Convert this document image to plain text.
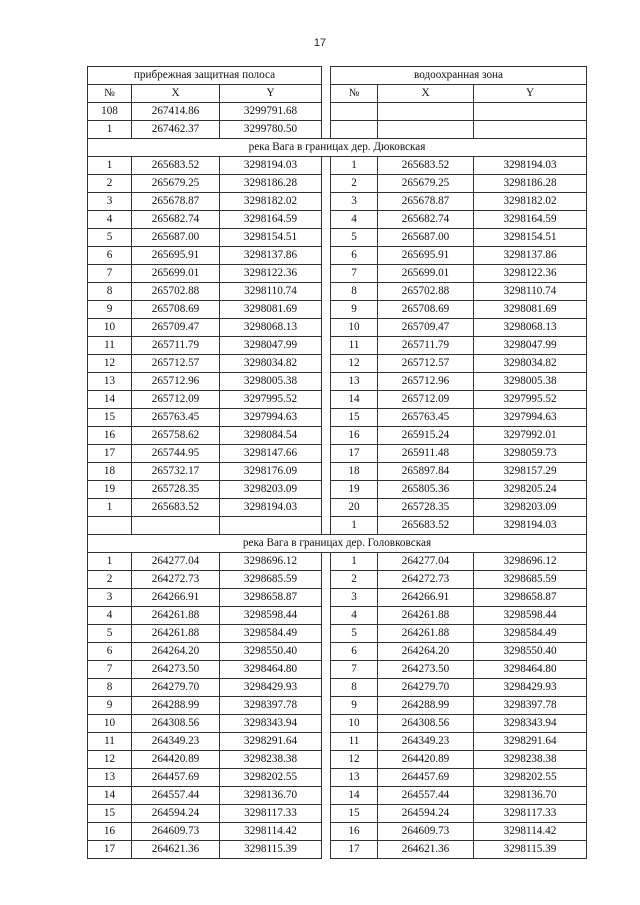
17
прибрежная защитная полоса				водоохранная зона		
№	X	Y		№	X	Y
108	267414.86	3299791.68				
1	267462.37	3299780.50				
река Вага в границах дер. Дюковская						
1	265683.52	3298194.03		1	265683.52	3298194.03
2	265679.25	3298186.28		2	265679.25	3298186.28
3	265678.87	3298182.02		3	265678.87	3298182.02
4	265682.74	3298164.59		4	265682.74	3298164.59
5	265687.00	3298154.51		5	265687.00	3298154.51
6	265695.91	3298137.86		6	265695.91	3298137.86
7	265699.01	3298122.36		7	265699.01	3298122.36
8	265702.88	3298110.74		8	265702.88	3298110.74
9	265708.69	3298081.69		9	265708.69	3298081.69
10	265709.47	3298068.13		10	265709.47	3298068.13
11	265711.79	3298047.99		11	265711.79	3298047.99
12	265712.57	3298034.82		12	265712.57	3298034.82
13	265712.96	3298005.38		13	265712.96	3298005.38
14	265712.09	3297995.52		14	265712.09	3297995.52
15	265763.45	3297994.63		15	265763.45	3297994.63
16	265758.62	3298084.54		16	265915.24	3297992.01
17	265744.95	3298147.66		17	265911.48	3298059.73
18	265732.17	3298176.09		18	265897.84	3298157.29
19	265728.35	3298203.09		19	265805.36	3298205.24
1	265683.52	3298194.03		20	265728.35	3298203.09
				1	265683.52	3298194.03
река Вага в границах дер. Головковская						
1	264277.04	3298696.12		1	264277.04	3298696.12
2	264272.73	3298685.59		2	264272.73	3298685.59
3	264266.91	3298658.87		3	264266.91	3298658.87
4	264261.88	3298598.44		4	264261.88	3298598.44
5	264261.88	3298584.49		5	264261.88	3298584.49
6	264264.20	3298550.40		6	264264.20	3298550.40
7	264273.50	3298464.80		7	264273.50	3298464.80
8	264279.70	3298429.93		8	264279.70	3298429.93
9	264288.99	3298397.78		9	264288.99	3298397.78
10	264308.56	3298343.94		10	264308.56	3298343.94
11	264349.23	3298291.64		11	264349.23	3298291.64
12	264420.89	3298238.38		12	264420.89	3298238.38
13	264457.69	3298202.55		13	264457.69	3298202.55
14	264557.44	3298136.70		14	264557.44	3298136.70
15	264594.24	3298117.33		15	264594.24	3298117.33
16	264609.73	3298114.42		16	264609.73	3298114.42
17	264621.36	3298115.39		17	264621.36	3298115.39
